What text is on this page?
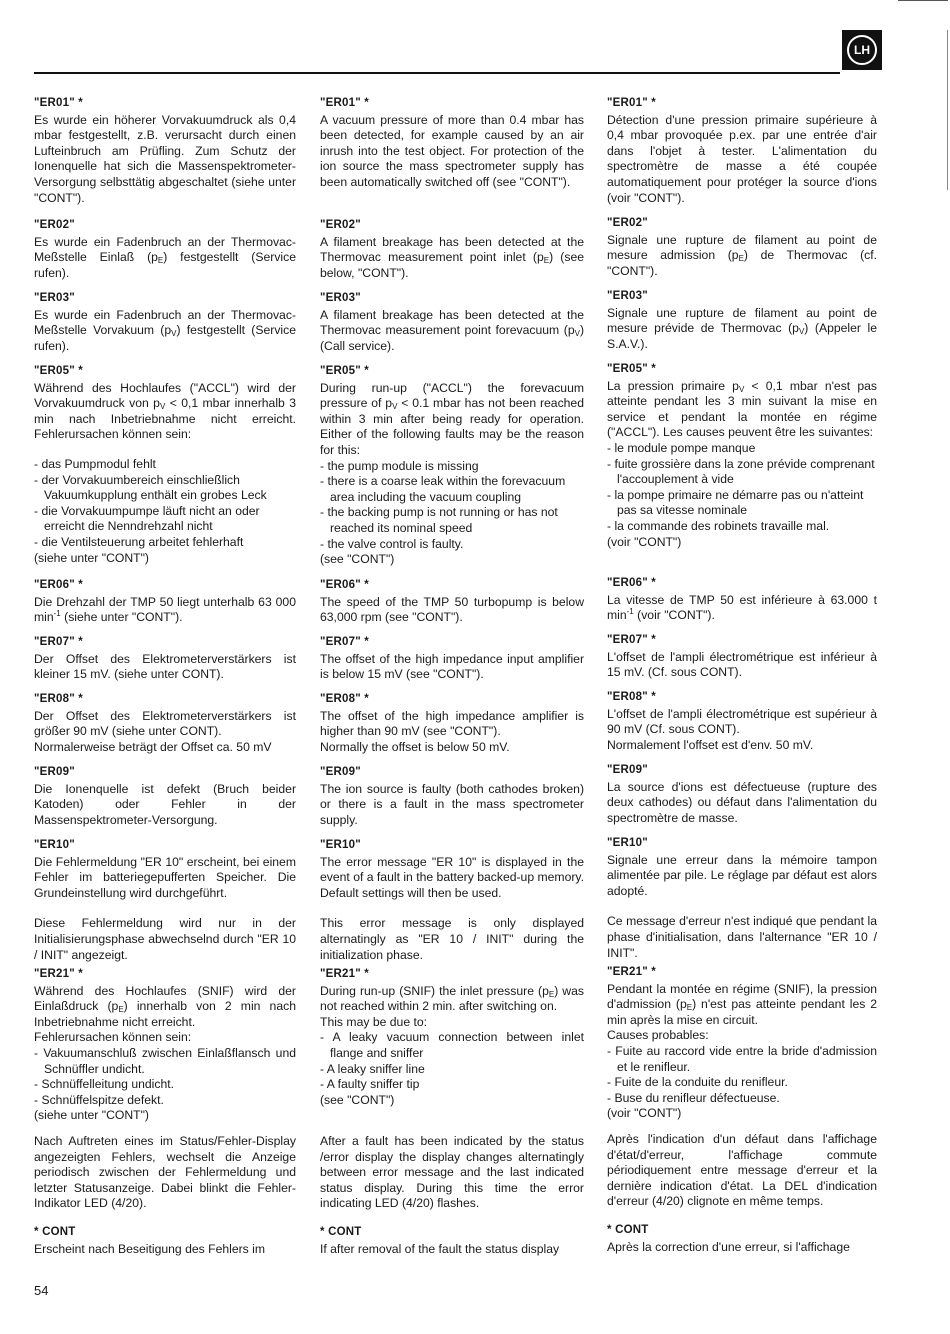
LH
"ER01" *
Es wurde ein höherer Vorvakuumdruck als 0,4 mbar festgestellt, z.B. verursacht durch einen Lufteinbruch am Prüfling. Zum Schutz der Ionenquelle hat sich die Massenspektrometer-Versorgung selbsttätig abgeschaltet (siehe unter "CONT").
"ER02"
Es wurde ein Fadenbruch an der Thermovac-Meßstelle Einlaß $(p_E)$ festgestellt (Service rufen).
"ER03"
Es wurde ein Fadenbruch an der Thermovac-Meßstelle Vorvakuum $(p_V)$ festgestellt (Service rufen).
"ER05" *
Während des Hochlaufes ("ACCL") wird der Vorvakuumdruck von $p_V < 0,1$ mbar innerhalb 3 min nach Inbetriebnahme nicht erreicht. Fehlerursachen können sein:
- das Pumpmodul fehlt
- der Vorvakuumbereich einschließlich Vakuumkupplung enthält ein grobes Leck
- die Vorvakuumpumpe läuft nicht an oder erreicht die Nenndrehzahl nicht
- die Ventilsteuerung arbeitet fehlerhaft
(siehe unter "CONT")
"ER06" *
Die Drehzahl der TMP 50 liegt unterhalb 63 000 $\min^{-1}$ (siehe unter "CONT").
"ER07" *
Der Offset des Elektrometerverstärkers ist kleiner 15 mV. (siehe unter CONT).
"ER08" *
Der Offset des Elektrometerverstärkers ist größer 90 mV (siehe unter CONT).
Normalerweise beträgt der Offset ca. 50 mV
"ER09"
Die Ionenquelle ist defekt (Bruch beider Katoden) oder Fehler in der Massenspektrometer-Versorgung.
"ER10"
Die Fehlermeldung "ER 10" erscheint, bei einem Fehler im batteriegepufferten Speicher. Die Grundeinstellung wird durchgeführt.
Diese Fehlermeldung wird nur in der Initialisierungsphase abwechselnd durch "ER 10 / INIT" angezeigt.
"ER21" *
Während des Hochlaufes (SNIF) wird der Einlaßdruck $(p_E)$ innerhalb von 2 min nach Inbetriebnahme nicht erreicht.
Fehlerursachen können sein:
- Vakuumanschluß zwischen Einlaßflansch und Schnüffler undicht.
- Schnüffelleitung undicht.
- Schnüffelspitze defekt.
(siehe unter "CONT")
Nach Auftreten eines im Status/Fehler-Display angezeigten Fehlers, wechselt die Anzeige periodisch zwischen der Fehlermeldung und letzter Statusanzeige. Dabei blinkt die Fehler-Indikator LED (4/20).
* CONT
Erscheint nach Beseitigung des Fehlers im
"ER01" *
A vacuum pressure of more than 0.4 mbar has been detected, for example caused by an air inrush into the test object. For protection of the ion source the mass spectrometer supply has been automatically switched off (see "CONT").
"ER02"
A filament breakage has been detected at the Thermovac measurement point inlet $(p_E)$ (see below, "CONT").
"ER03"
A filament breakage has been detected at the Thermovac measurement point forevacuum $(p_V)$ (Call service).
"ER05" *
During run-up ("ACCL") the forevacuum pressure of $p_V < 0.1$ mbar has not been reached within 3 min after being ready for operation. Either of the following faults may be the reason for this:
- the pump module is missing
- there is a coarse leak within the forevacuum area including the vacuum coupling
- the backing pump is not running or has not reached its nominal speed
- the valve control is faulty.
(see "CONT")
"ER06" *
The speed of the TMP 50 turbopump is below 63,000 rpm (see "CONT").
"ER07" *
The offset of the high impedance input amplifier is below 15 mV (see "CONT").
"ER08" *
The offset of the high impedance amplifier is higher than 90 mV (see "CONT").
Normally the offset is below 50 mV.
"ER09"
The ion source is faulty (both cathodes broken) or there is a fault in the mass spectrometer supply.
"ER10"
The error message "ER 10" is displayed in the event of a fault in the battery backed-up memory. Default settings will then be used.
This error message is only displayed alternatingly as "ER 10 / INIT" during the initialization phase.
"ER21" *
During run-up (SNIF) the inlet pressure $(p_E)$ was not reached within 2 min. after switching on.
This may be due to:
- A leaky vacuum connection between inlet flange and sniffer
- A leaky sniffer line
- A faulty sniffer tip
(see "CONT")
After a fault has been indicated by the status /error display the display changes alternatingly between error message and the last indicated status display. During this time the error indicating LED (4/20) flashes.
* CONT
If after removal of the fault the status display
"ER01" *
Détection d'une pression primaire supérieure à 0,4 mbar provoquée p.ex. par une entrée d'air dans l'objet à tester. L'alimentation du spectromètre de masse a été coupée automatiquement pour protéger la source d'ions (voir "CONT").
"ER02"
Signale une rupture de filament au point de mesure admission $(p_E)$ de Thermovac (cf. "CONT").
"ER03"
Signale une rupture de filament au point de mesure prévide de Thermovac $(p_V)$ (Appeler le S.A.V.).
"ER05" *
La pression primaire $p_V < 0,1$ mbar n'est pas atteinte pendant les 3 min suivant la mise en service et pendant la montée en régime ("ACCL"). Les causes peuvent être les suivantes:
- le module pompe manque
- fuite grossière dans la zone prévide comprenant l'accouplement à vide
- la pompe primaire ne démarre pas ou n'atteint pas sa vitesse nominale
- la commande des robinets travaille mal.
(voir "CONT")
"ER06" *
La vitesse de TMP 50 est inférieure à 63.000 t $\min^{-1}$ (voir "CONT").
"ER07" *
L'offset de l'ampli électrométrique est inférieur à 15 mV. (Cf. sous CONT).
"ER08" *
L'offset de l'ampli électrométrique est supérieur à 90 mV (Cf. sous CONT).
Normalement l'offset est d'env. 50 mV.
"ER09"
La source d'ions est défectueuse (rupture des deux cathodes) ou défaut dans l'alimentation du spectromètre de masse.
"ER10"
Signale une erreur dans la mémoire tampon alimentée par pile. Le réglage par défaut est alors adopté.
Ce message d'erreur n'est indiqué que pendant la phase d'initialisation, dans l'alternance "ER 10 / INIT".
"ER21" *
Pendant la montée en régime (SNIF), la pression d'admission $(p_E)$ n'est pas atteinte pendant les 2 min après la mise en circuit.
Causes probables:
- Fuite au raccord vide entre la bride d'admission et le renifleur.
- Fuite de la conduite du renifleur.
- Buse du renifleur défectueuse.
(voir "CONT")
Après l'indication d'un défaut dans l'affichage d'état/d'erreur, l'affichage commute périodiquement entre message d'erreur et la dernière indication d'état. La DEL d'indication d'erreur (4/20) clignote en même temps.
* CONT
Après la correction d'une erreur, si l'affichage
54
